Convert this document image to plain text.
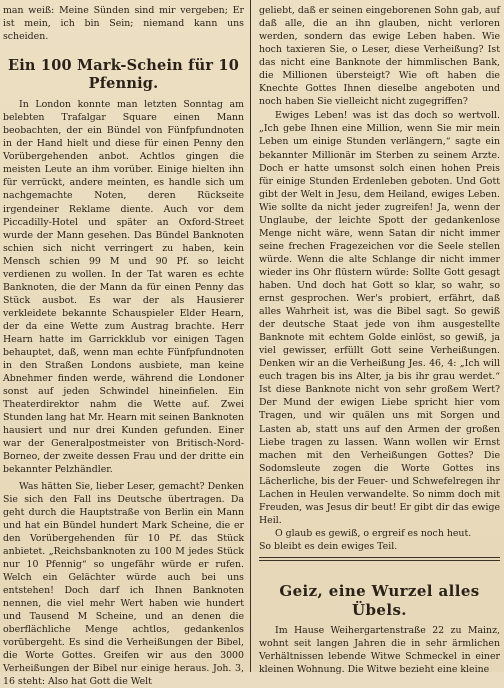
man weiß: Meine Sünden sind mir vergeben; Er ist mein, ich bin Sein; niemand kann uns scheiden.

Ein 100 Mark-Schein für 10 Pfennig.

In London konnte man letzten Sonntag am belebten Trafalgar Square einen Mann beobachten, der ein Bündel von Fünfpfundnoten in der Hand hielt und diese für einen Penny den Vorübergehenden anbot. Achtlos gingen die meisten Leute an ihm vorüber. Einige hielten ihn für verrückt, andere meinten, es handle sich um nachgemachte Noten, deren Rückseite irgendeiner Reklame diente. Auch vor dem Piccadilly-Hotel und später an Oxford-Street wurde der Mann gesehen. Das Bündel Banknoten schien sich nicht verringert zu haben, kein Mensch schien 99 M und 90 Pf. so leicht verdienen zu wollen. In der Tat waren es echte Banknoten, die der Mann da für einen Penny das Stück ausbot. Es war der als Hausierer verkleidete bekannte Schauspieler Elder Hearn, der da eine Wette zum Austrag brachte. Herr Hearn hatte im Garrickklub vor einigen Tagen behauptet, daß, wenn man echte Fünfpfundnoten in den Straßen Londons ausbiete, man keine Abnehmer finden werde, während die Londoner sonst auf jeden Schwindel hineinfielen. Ein Theaterdirektor nahm die Wette auf. Zwei Stunden lang hat Mr. Hearn mit seinen Banknoten hausiert und nur drei Kunden gefunden. Einer war der Generalpostmeister von Britisch-Nord-Borneo, der zweite dessen Frau und der dritte ein bekannter Pelzhändler.

Was hätten Sie, lieber Leser, gemacht? Denken Sie sich den Fall ins Deutsche übertragen. Da geht durch die Hauptstraße von Berlin ein Mann und hat ein Bündel hundert Mark Scheine, die er den Vorübergehenden für 10 Pf. das Stück anbietet. „Reichsbanknoten zu 100 M jedes Stück nur 10 Pfennig“ so ungefähr würde er rufen. Welch ein Gelächter würde auch bei uns entstehen! Doch darf ich Ihnen Banknoten nennen, die viel mehr Wert haben wie hundert und Tausend M Scheine, und an denen die oberflächliche Menge achtlos, gedankenlos vorübergeht. Es sind die Verheißungen der Bibel, die Worte Gottes. Greifen wir aus den 3000 Verheißungen der Bibel nur einige heraus. Joh. 3, 16 steht: Also hat Gott die Welt

geliebt, daß er seinen eingeborenen Sohn gab, auf daß alle, die an ihn glauben, nicht verloren werden, sondern das ewige Leben haben. Wie hoch taxieren Sie, o Leser, diese Verheißung? Ist das nicht eine Banknote der himmlischen Bank, die Millionen übersteigt? Wie oft haben die Knechte Gottes Ihnen dieselbe angeboten und noch haben Sie vielleicht nicht zugegriffen?

Ewiges Leben! was ist das doch so wertvoll. „Ich gebe Ihnen eine Million, wenn Sie mir mein Leben um einige Stunden verlängern,“ sagte ein bekannter Millionär im Sterben zu seinem Arzte. Doch er hatte umsonst solch einen hohen Preis für einige Stunden Erdenleben geboten. Und Gott gibt der Welt in Jesu, dem Heiland, ewiges Leben. Wie sollte da nicht jeder zugreifen! Ja, wenn der Unglaube, der leichte Spott der gedankenlose Menge nicht wäre, wenn Satan dir nicht immer seine frechen Fragezeichen vor die Seele stellen würde. Wenn die alte Schlange dir nicht immer wieder ins Ohr flüstern würde: Sollte Gott gesagt haben. Und doch hat Gott so klar, so wahr, so ernst gesprochen. Wer's probiert, erfährt, daß alles Wahrheit ist, was die Bibel sagt. So gewiß der deutsche Staat jede von ihm ausgestellte Banknote mit echtem Golde einlöst, so gewiß, ja viel gewisser, erfüllt Gott seine Verheißungen. Denken wir an die Verheißung Jes. 46, 4: „Ich will euch tragen bis ins Alter, ja bis ihr grau werdet.“ Ist diese Banknote nicht von sehr großem Wert? Der Mund der ewigen Liebe spricht hier vom Tragen, und wir quälen uns mit Sorgen und Lasten ab, statt uns auf den Armen der großen Liebe tragen zu lassen. Wann wollen wir Ernst machen mit den Verheißungen Gottes? Die Sodomsleute zogen die Worte Gottes ins Lächerliche, bis der Feuer- und Schwefelregen ihr Lachen in Heulen verwandelte. So nimm doch mit Freuden, was Jesus dir beut! Er gibt dir das ewige Heil.

O glaub es gewiß, o ergreif es noch heut.
So bleibt es dein ewiges Teil.

Geiz, eine Wurzel alles Übels.

Im Hause Weihergartenstraße 22 zu Mainz, wohnt seit langen Jahren die in sehr ärmlichen Verhältnissen lebende Witwe Schmeckel in einer kleinen Wohnung. Die Witwe bezieht eine kleine
